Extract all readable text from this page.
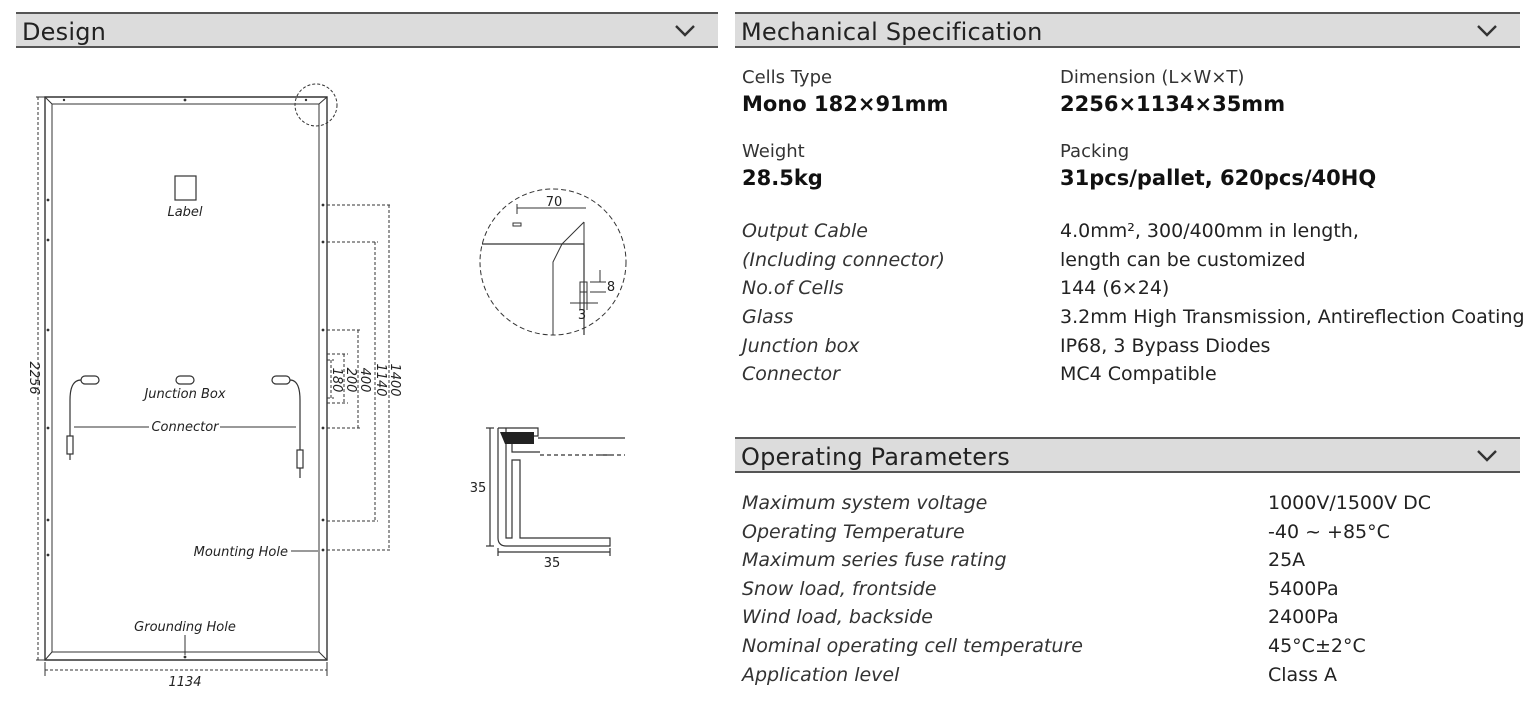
Design	Mechanical Specification
Operating Parameters
2256
Label
Junction Box
Connector
Mounting Hole
Grounding Hole
1134
1400
1140
400
200
180
70
8
3
35
35
Cells Type
Mono 182×91mm
Dimension (L×W×T)
2256×1134×35mm
Weight
28.5kg
Packing
31pcs/pallet, 620pcs/40HQ
Output Cable	4.0mm², 300/400mm in length,
(Including connector)	length can be customized
No.of Cells	144 (6×24)
Glass	3.2mm High Transmission, Antireflection Coating
Junction box	IP68, 3 Bypass Diodes
Connector	MC4 Compatible
Maximum system voltage	1000V/1500V DC
Operating Temperature	-40 ~ +85°C
Maximum series fuse rating	25A
Snow load, frontside	5400Pa
Wind load, backside	2400Pa
Nominal operating cell temperature	45°C±2°C
Application level	Class A
